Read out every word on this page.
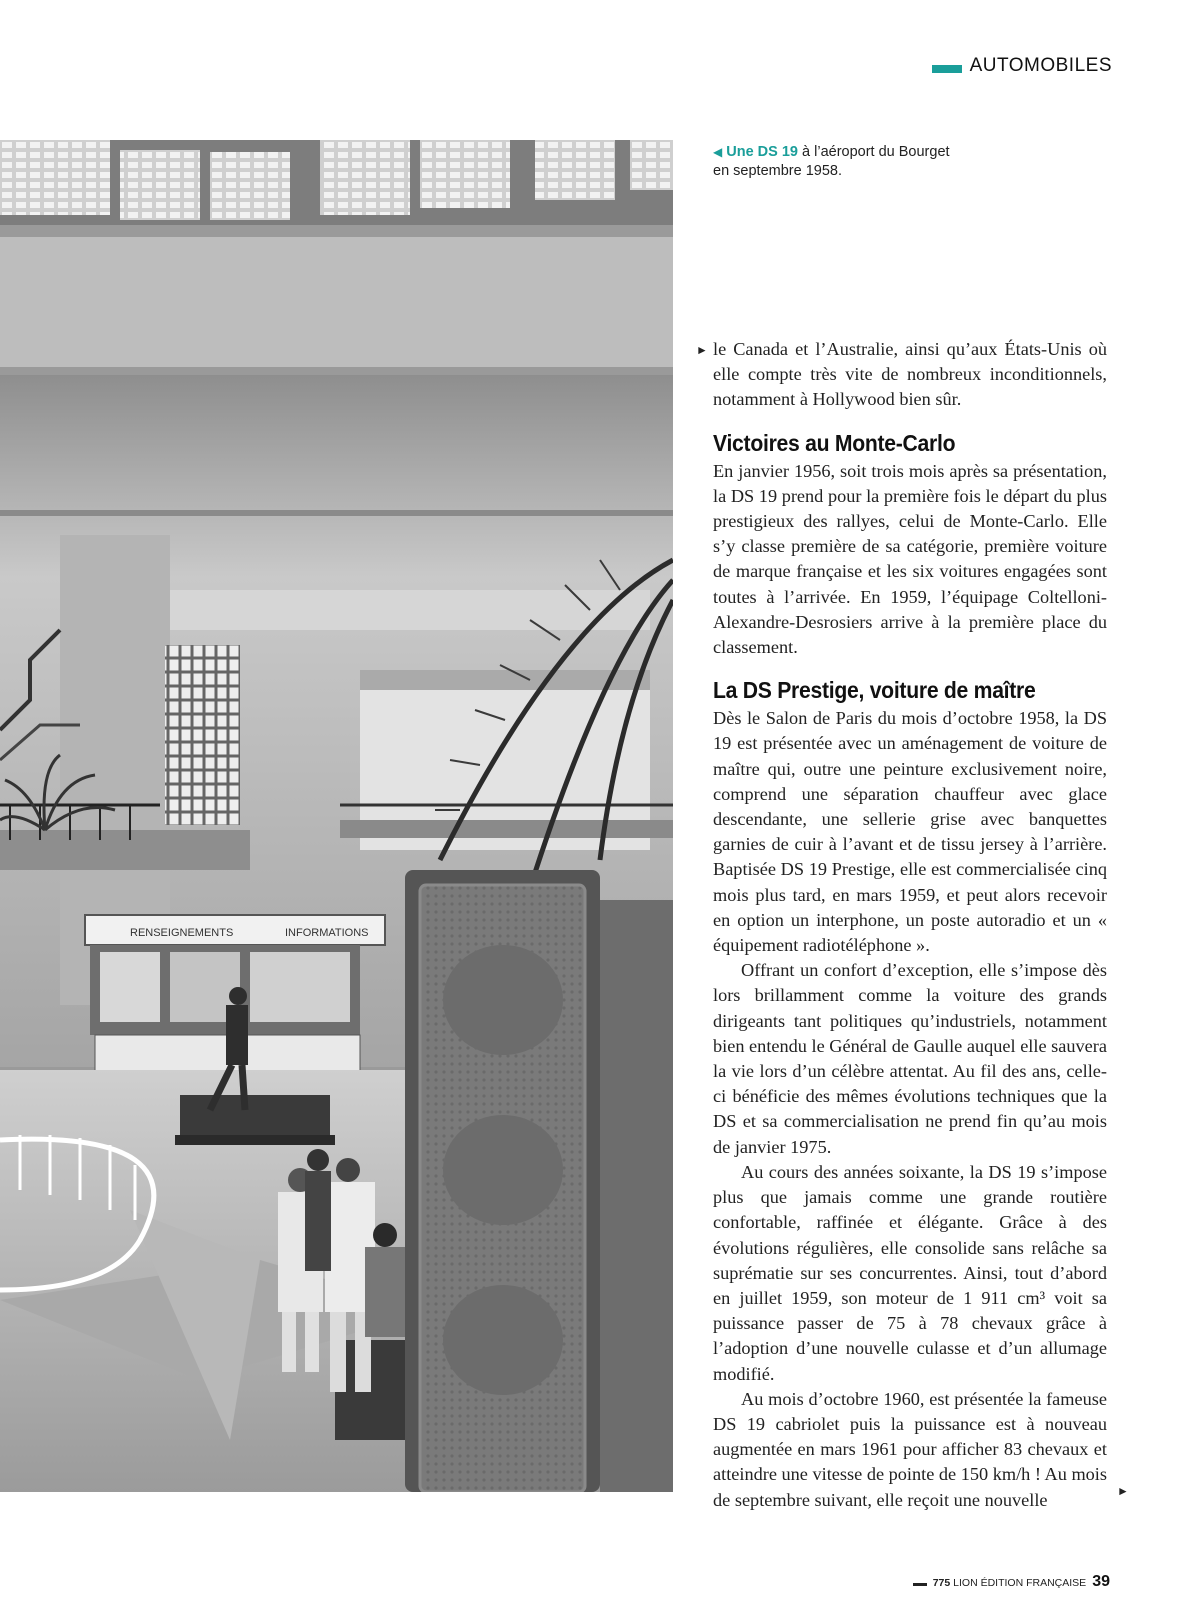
AUTOMOBILES
RENSEIGNEMENTS	INFORMATIONS
◀ Une DS 19 à l’aéroport du Bourget en septembre 1958.
► le Canada et l’Australie, ainsi qu’aux États-Unis où elle compte très vite de nombreux inconditionnels, notamment à Hollywood bien sûr.

Victoires au Monte-Carlo

En janvier 1956, soit trois mois après sa présentation, la DS 19 prend pour la première fois le départ du plus prestigieux des rallyes, celui de Monte-Carlo. Elle s’y classe première de sa catégorie, première voiture de marque française et les six voitures engagées sont toutes à l’arrivée. En 1959, l’équipage Coltelloni-Alexandre-Desrosiers arrive à la première place du classement.

La DS Prestige, voiture de maître

Dès le Salon de Paris du mois d’octobre 1958, la DS 19 est présentée avec un aménagement de voiture de maître qui, outre une peinture exclusivement noire, comprend une séparation chauffeur avec glace descendante, une sellerie grise avec banquettes garnies de cuir à l’avant et de tissu jersey à l’arrière. Baptisée DS 19 Prestige, elle est commercialisée cinq mois plus tard, en mars 1959, et peut alors recevoir en option un interphone, un poste autoradio et un « équipement radiotéléphone ».

Offrant un confort d’exception, elle s’impose dès lors brillamment comme la voiture des grands dirigeants tant politiques qu’industriels, notamment bien entendu le Général de Gaulle auquel elle sauvera la vie lors d’un célèbre attentat. Au fil des ans, celle-ci bénéficie des mêmes évolutions techniques que la DS et sa commercialisation ne prend fin qu’au mois de janvier 1975.

Au cours des années soixante, la DS 19 s’impose plus que jamais comme une grande routière confortable, raffinée et élégante. Grâce à des évolutions régulières, elle consolide sans relâche sa suprématie sur ses concurrentes. Ainsi, tout d’abord en juillet 1959, son moteur de 1 911 cm³ voit sa puissance passer de 75 à 78 chevaux grâce à l’adoption d’une nouvelle culasse et d’un allumage modifié.

Au mois d’octobre 1960, est présentée la fameuse DS 19 cabriolet puis la puissance est à nouveau augmentée en mars 1961 pour afficher 83 chevaux et atteindre une vitesse de pointe de 150 km/h ! Au mois de septembre suivant, elle reçoit une nouvelle	►
775 LION ÉDITION FRANÇAISE 39
